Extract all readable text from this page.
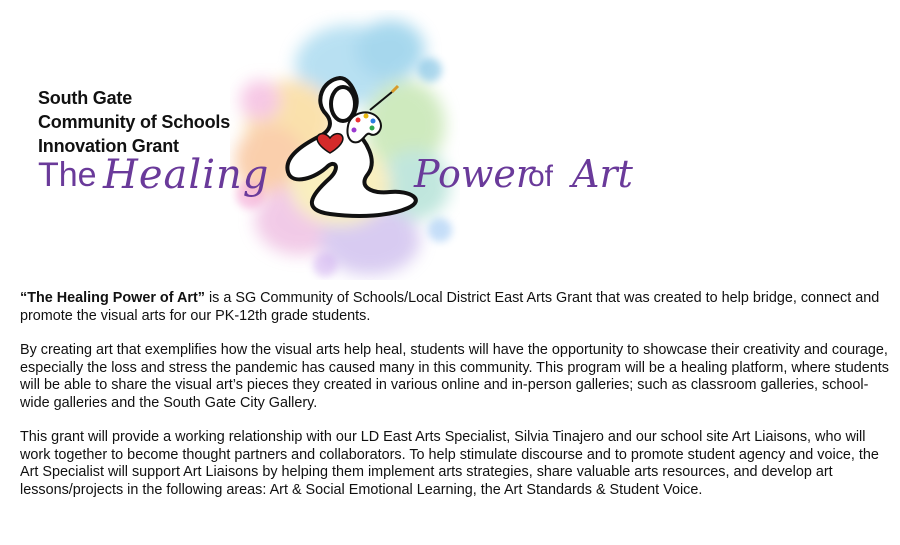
South Gate
Community of Schools
Innovation Grant
The Healing	Power
of Art

“The Healing Power of Art” is a SG Community of Schools/Local District East Arts Grant that was created to help bridge, connect and promote the visual arts for our PK-12th grade students.

By creating art that exemplifies how the visual arts help heal, students will have the opportunity to showcase their creativity and courage, especially the loss and stress the pandemic has caused many in this community. This program will be a healing platform, where students will be able to share the visual art’s pieces they created in various online and in-person galleries; such as classroom galleries, school-wide galleries and the South Gate City Gallery.

This grant will provide a working relationship with our LD East Arts Specialist, Silvia Tinajero and our school site Art Liaisons, who will work together to become thought partners and collaborators. To help stimulate discourse and to promote student agency and voice, the Art Specialist will support Art Liaisons by helping them implement arts strategies, share valuable arts resources, and develop art lessons/projects in the following areas: Art & Social Emotional Learning, the Art Standards & Student Voice.
